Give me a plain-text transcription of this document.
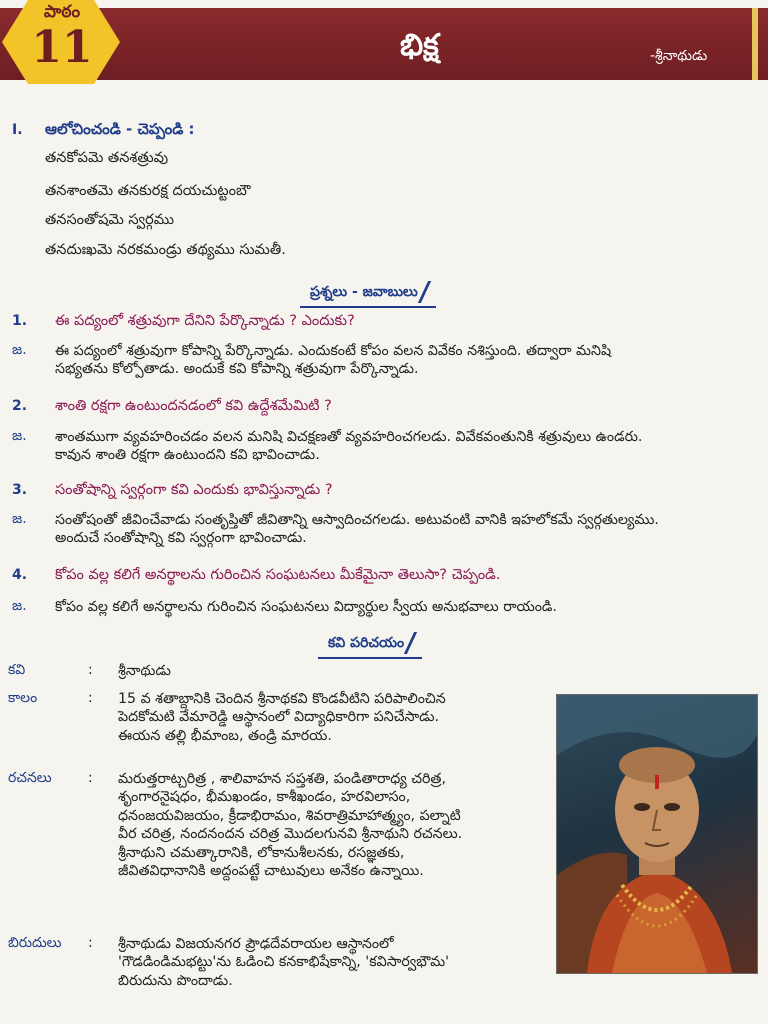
పాఠం
11	భిక్ష	-శ్రీనాథుడు
I. ఆలోచించండి - చెప్పండి :
తనకోపమె తనశత్రువు
తనశాంతమె తనకురక్ష దయచుట్టంబౌ
తనసంతోషమె స్వర్గము
తనదుఃఖమె నరకమండ్రు తథ్యము సుమతీ.
ప్రశ్నలు - జవాబులు
1. ఈ పద్యంలో శత్రువుగా దేనిని పేర్కొన్నాడు ? ఎందుకు?
జ. ఈ పద్యంలో శత్రువుగా కోపాన్ని పేర్కొన్నాడు. ఎందుకంటే కోపం వలన వివేకం నశిస్తుంది. తద్వారా మనిషి
సభ్యతను కోల్పోతాడు. అందుకే కవి కోపాన్ని శత్రువుగా పేర్కొన్నాడు.
2. శాంతి రక్షగా ఉంటుందనడంలో కవి ఉద్దేశమేమిటి ?
జ. శాంతముగా వ్యవహరించడం వలన మనిషి విచక్షణతో వ్యవహరించగలడు. వివేకవంతునికి శత్రువులు ఉండరు.
కావున శాంతి రక్షగా ఉంటుందని కవి భావించాడు.
3. సంతోషాన్ని స్వర్గంగా కవి ఎందుకు భావిస్తున్నాడు ?
జ. సంతోషంతో జీవించేవాడు సంతృప్తితో జీవితాన్ని ఆస్వాదించగలడు. అటువంటి వానికి ఇహలోకమే స్వర్గతుల్యము.
అందుచే సంతోషాన్ని కవి స్వర్గంగా భావించాడు.
4. కోపం వల్ల కలిగే అనర్థాలను గురించిన సంఘటనలు మీకేమైనా తెలుసా? చెప్పండి.
జ. కోపం వల్ల కలిగే అనర్థాలను గురించిన సంఘటనలు విద్యార్థుల స్వీయ అనుభవాలు రాయండి.
కవి పరిచయం
కవి	: శ్రీనాథుడు
కాలం	: 15 వ శతాబ్దానికి చెందిన శ్రీనాథకవి కొండవీటిని పరిపాలించిన
పెదకోమటి వేమారెడ్డి ఆస్థానంలో విద్యాధికారిగా పనిచేసాడు.
ఈయన తల్లి భీమాంబ, తండ్రి మారయ.
రచనలు	: మరుత్తరాట్చరిత్ర , శాలివాహన సప్తశతి, పండితారాధ్య చరిత్ర,
శృంగారనైషధం, భీమఖండం, కాశీఖండం, హరవిలాసం,
ధనంజయవిజయం, క్రీడాభిరామం, శివరాత్రిమాహాత్మ్యం, పల్నాటి
వీర చరిత్ర, నందనందన చరిత్ర మొదలగునవి శ్రీనాథుని రచనలు.
శ్రీనాథుని చమత్కారానికి, లోకానుశీలనకు, రసజ్ఞతకు,
జీవితవిధానానికి అద్దంపట్టే చాటువులు అనేకం ఉన్నాయి.
బిరుదులు : శ్రీనాథుడు విజయనగర ప్రౌఢదేవరాయల ఆస్థానంలో
'గౌడడిండిమభట్టు'ను ఓడించి కనకాభిషేకాన్ని, 'కవిసార్వభౌమ'
బిరుదును పొందాడు.
